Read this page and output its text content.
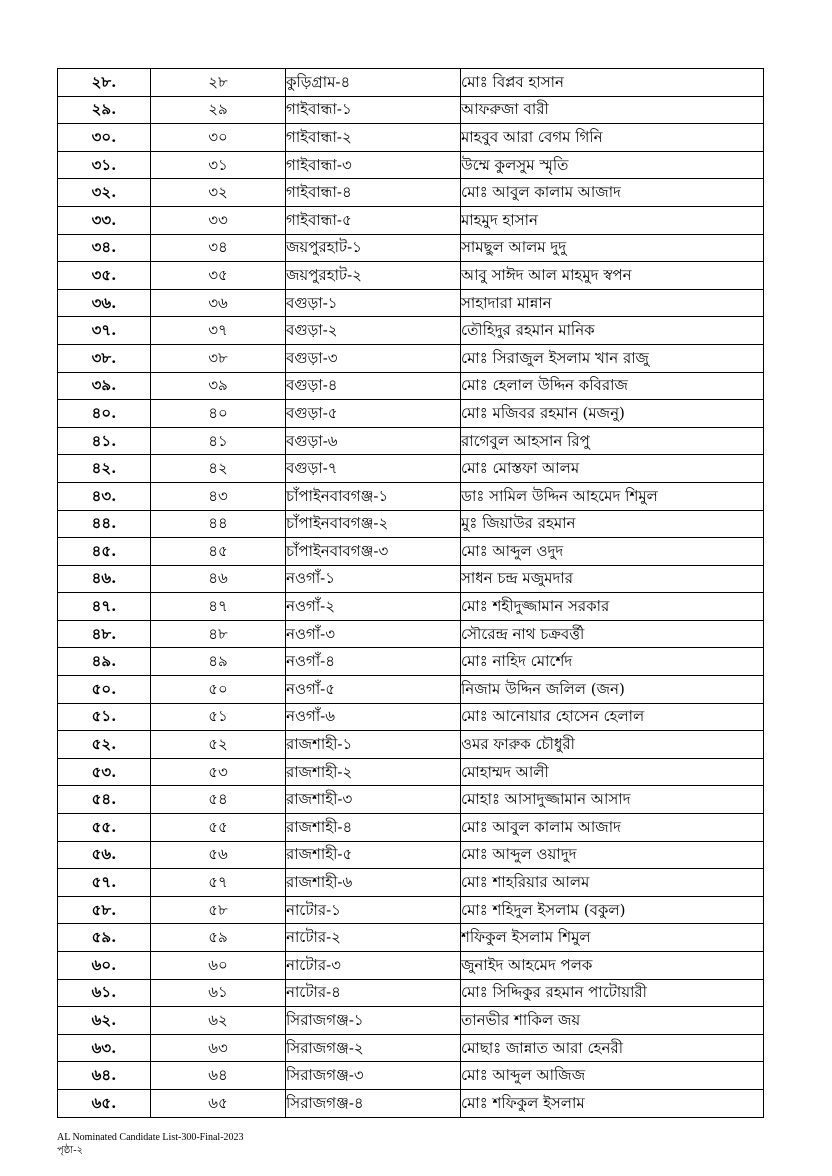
২৮.	২৮	কুড়িগ্রাম-৪	মোঃ বিপ্লব হাসান
২৯.	২৯	গাইবান্ধা-১	আফরুজা বারী
৩০.	৩০	গাইবান্ধা-২	মাহবুব আরা বেগম গিনি
৩১.	৩১	গাইবান্ধা-৩	উম্মে কুলসুম স্মৃতি
৩২.	৩২	গাইবান্ধা-৪	মোঃ আবুল কালাম আজাদ
৩৩.	৩৩	গাইবান্ধা-৫	মাহমুদ হাসান
৩৪.	৩৪	জয়পুরহাট-১	সামছুল আলম দুদু
৩৫.	৩৫	জয়পুরহাট-২	আবু সাঈদ আল মাহমুদ স্বপন
৩৬.	৩৬	বগুড়া-১	সাহাদারা মান্নান
৩৭.	৩৭	বগুড়া-২	তৌহিদুর রহমান মানিক
৩৮.	৩৮	বগুড়া-৩	মোঃ সিরাজুল ইসলাম খান রাজু
৩৯.	৩৯	বগুড়া-৪	মোঃ হেলাল উদ্দিন কবিরাজ
৪০.	৪০	বগুড়া-৫	মোঃ মজিবর রহমান (মজনু)
৪১.	৪১	বগুড়া-৬	রাগেবুল আহসান রিপু
৪২.	৪২	বগুড়া-৭	মোঃ মোস্তফা আলম
৪৩.	৪৩	চাঁপাইনবাবগঞ্জ-১	ডাঃ সামিল উদ্দিন আহমেদ শিমুল
৪৪.	৪৪	চাঁপাইনবাবগঞ্জ-২	মুঃ জিয়াউর রহমান
৪৫.	৪৫	চাঁপাইনবাবগঞ্জ-৩	মোঃ আব্দুল ওদুদ
৪৬.	৪৬	নওগাঁ-১	সাধন চন্দ্র মজুমদার
৪৭.	৪৭	নওগাঁ-২	মোঃ শহীদুজ্জামান সরকার
৪৮.	৪৮	নওগাঁ-৩	সৌরেন্দ্র নাথ চক্রবর্ত্তী
৪৯.	৪৯	নওগাঁ-৪	মোঃ নাহিদ মোর্শেদ
৫০.	৫০	নওগাঁ-৫	নিজাম উদ্দিন জলিল (জন)
৫১.	৫১	নওগাঁ-৬	মোঃ আনোয়ার হোসেন হেলাল
৫২.	৫২	রাজশাহী-১	ওমর ফারুক চৌধুরী
৫৩.	৫৩	রাজশাহী-২	মোহাম্মদ আলী
৫৪.	৫৪	রাজশাহী-৩	মোহাঃ আসাদুজ্জামান আসাদ
৫৫.	৫৫	রাজশাহী-৪	মোঃ আবুল কালাম আজাদ
৫৬.	৫৬	রাজশাহী-৫	মোঃ আব্দুল ওয়াদুদ
৫৭.	৫৭	রাজশাহী-৬	মোঃ শাহরিয়ার আলম
৫৮.	৫৮	নাটোর-১	মোঃ শহিদুল ইসলাম (বকুল)
৫৯.	৫৯	নাটোর-২	শফিকুল ইসলাম শিমুল
৬০.	৬০	নাটোর-৩	জুনাইদ আহমেদ পলক
৬১.	৬১	নাটোর-৪	মোঃ সিদ্দিকুর রহমান পাটোয়ারী
৬২.	৬২	সিরাজগঞ্জ-১	তানভীর শাকিল জয়
৬৩.	৬৩	সিরাজগঞ্জ-২	মোছাঃ জান্নাত আরা হেনরী
৬৪.	৬৪	সিরাজগঞ্জ-৩	মোঃ আব্দুল আজিজ
৬৫.	৬৫	সিরাজগঞ্জ-৪	মোঃ শফিকুল ইসলাম
AL Nominated Candidate List-300-Final-2023
পৃষ্ঠা-২
